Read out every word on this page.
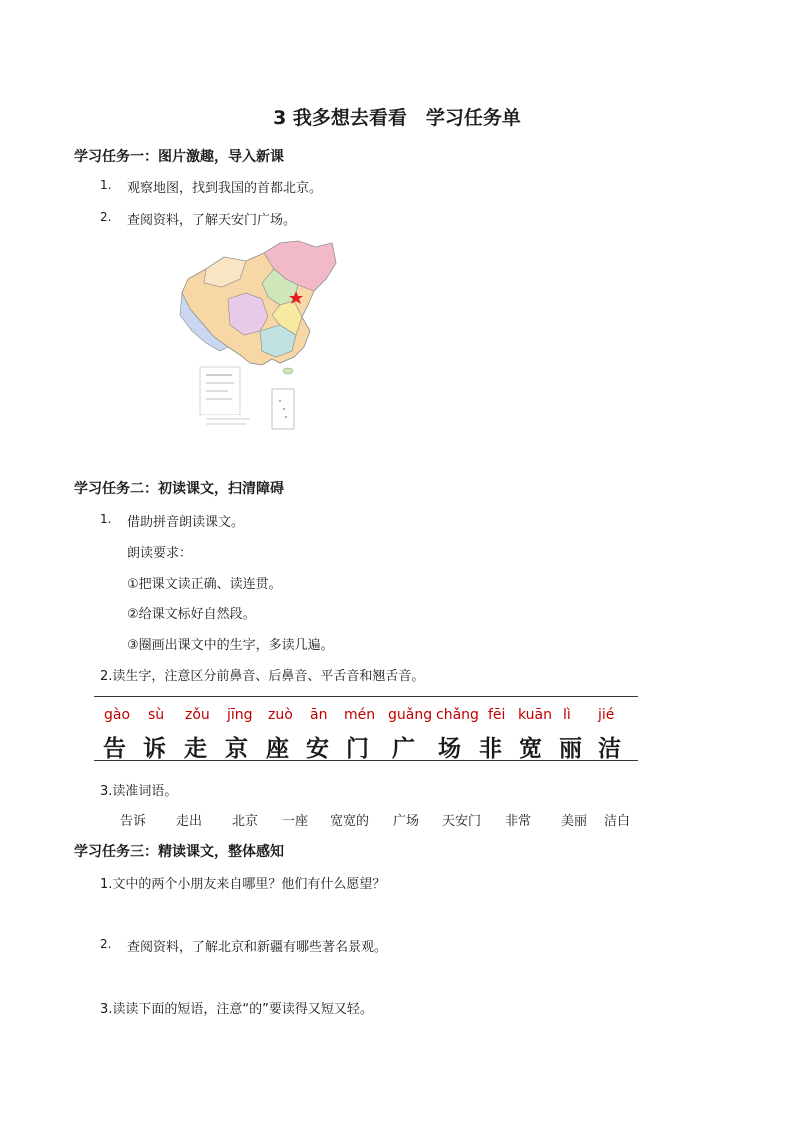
3 我多想去看看　学习任务单
学习任务一：图片激趣，导入新课
1. 观察地图，找到我国的首都北京。
2. 查阅资料，了解天安门广场。
学习任务二：初读课文，扫清障碍
1. 借助拼音朗读课文。
朗读要求：
①把课文读正确、读连贯。
②给课文标好自然段。
③圈画出课文中的生字，多读几遍。
2.读生字，注意区分前鼻音、后鼻音、平舌音和翘舌音。
gào sù zǒu jīng zuò ān mén guǎng chǎng fēi kuān lì jié
告 诉 走 京 座 安 门 广 场 非 宽 丽 洁
3.读准词语。
告诉 走出 北京 一座 宽宽的 广场 天安门 非常 美丽 洁白
学习任务三：精读课文，整体感知
1.文中的两个小朋友来自哪里？他们有什么愿望？
2. 查阅资料，了解北京和新疆有哪些著名景观。
3.读读下面的短语，注意“的”要读得又短又轻。
